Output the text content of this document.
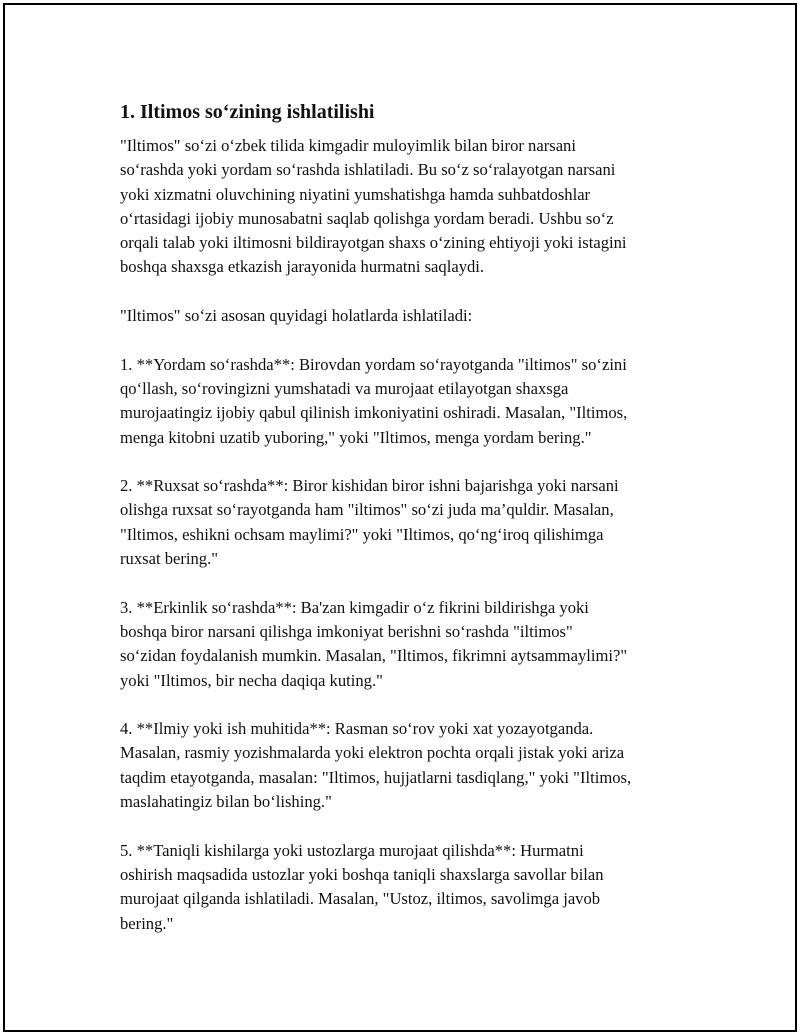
1. Iltimos so‘zining ishlatilishi
"Iltimos" so‘zi o‘zbek tilida kimgadir muloyimlik bilan biror narsani
so‘rashda yoki yordam so‘rashda ishlatiladi. Bu so‘z so‘ralayotgan narsani
yoki xizmatni oluvchining niyatini yumshatishga hamda suhbatdoshlar
o‘rtasidagi ijobiy munosabatni saqlab qolishga yordam beradi. Ushbu so‘z
orqali talab yoki iltimosni bildirayotgan shaxs o‘zining ehtiyoji yoki istagini
boshqa shaxsga etkazish jarayonida hurmatni saqlaydi.
"Iltimos" so‘zi asosan quyidagi holatlarda ishlatiladi:
1. **Yordam so‘rashda**: Birovdan yordam so‘rayotganda "iltimos" so‘zini
qo‘llash, so‘rovingizni yumshatadi va murojaat etilayotgan shaxsga
murojaatingiz ijobiy qabul qilinish imkoniyatini oshiradi. Masalan, "Iltimos,
menga kitobni uzatib yuboring," yoki "Iltimos, menga yordam bering."
2. **Ruxsat so‘rashda**: Biror kishidan biror ishni bajarishga yoki narsani
olishga ruxsat so‘rayotganda ham "iltimos" so‘zi juda ma’quldir. Masalan,
"Iltimos, eshikni ochsam maylimi?" yoki "Iltimos, qo‘ng‘iroq qilishimga
ruxsat bering."
3. **Erkinlik so‘rashda**: Ba'zan kimgadir o‘z fikrini bildirishga yoki
boshqa biror narsani qilishga imkoniyat berishni so‘rashda "iltimos"
so‘zidan foydalanish mumkin. Masalan, "Iltimos, fikrimni aytsammaylimi?"
yoki "Iltimos, bir necha daqiqa kuting."
4. **Ilmiy yoki ish muhitida**: Rasman so‘rov yoki xat yozayotganda.
Masalan, rasmiy yozishmalarda yoki elektron pochta orqali jistak yoki ariza
taqdim etayotganda, masalan: "Iltimos, hujjatlarni tasdiqlang," yoki "Iltimos,
maslahatingiz bilan bo‘lishing."
5. **Taniqli kishilarga yoki ustozlarga murojaat qilishda**: Hurmatni
oshirish maqsadida ustozlar yoki boshqa taniqli shaxslarga savollar bilan
murojaat qilganda ishlatiladi. Masalan, "Ustoz, iltimos, savolimga javob
bering."
